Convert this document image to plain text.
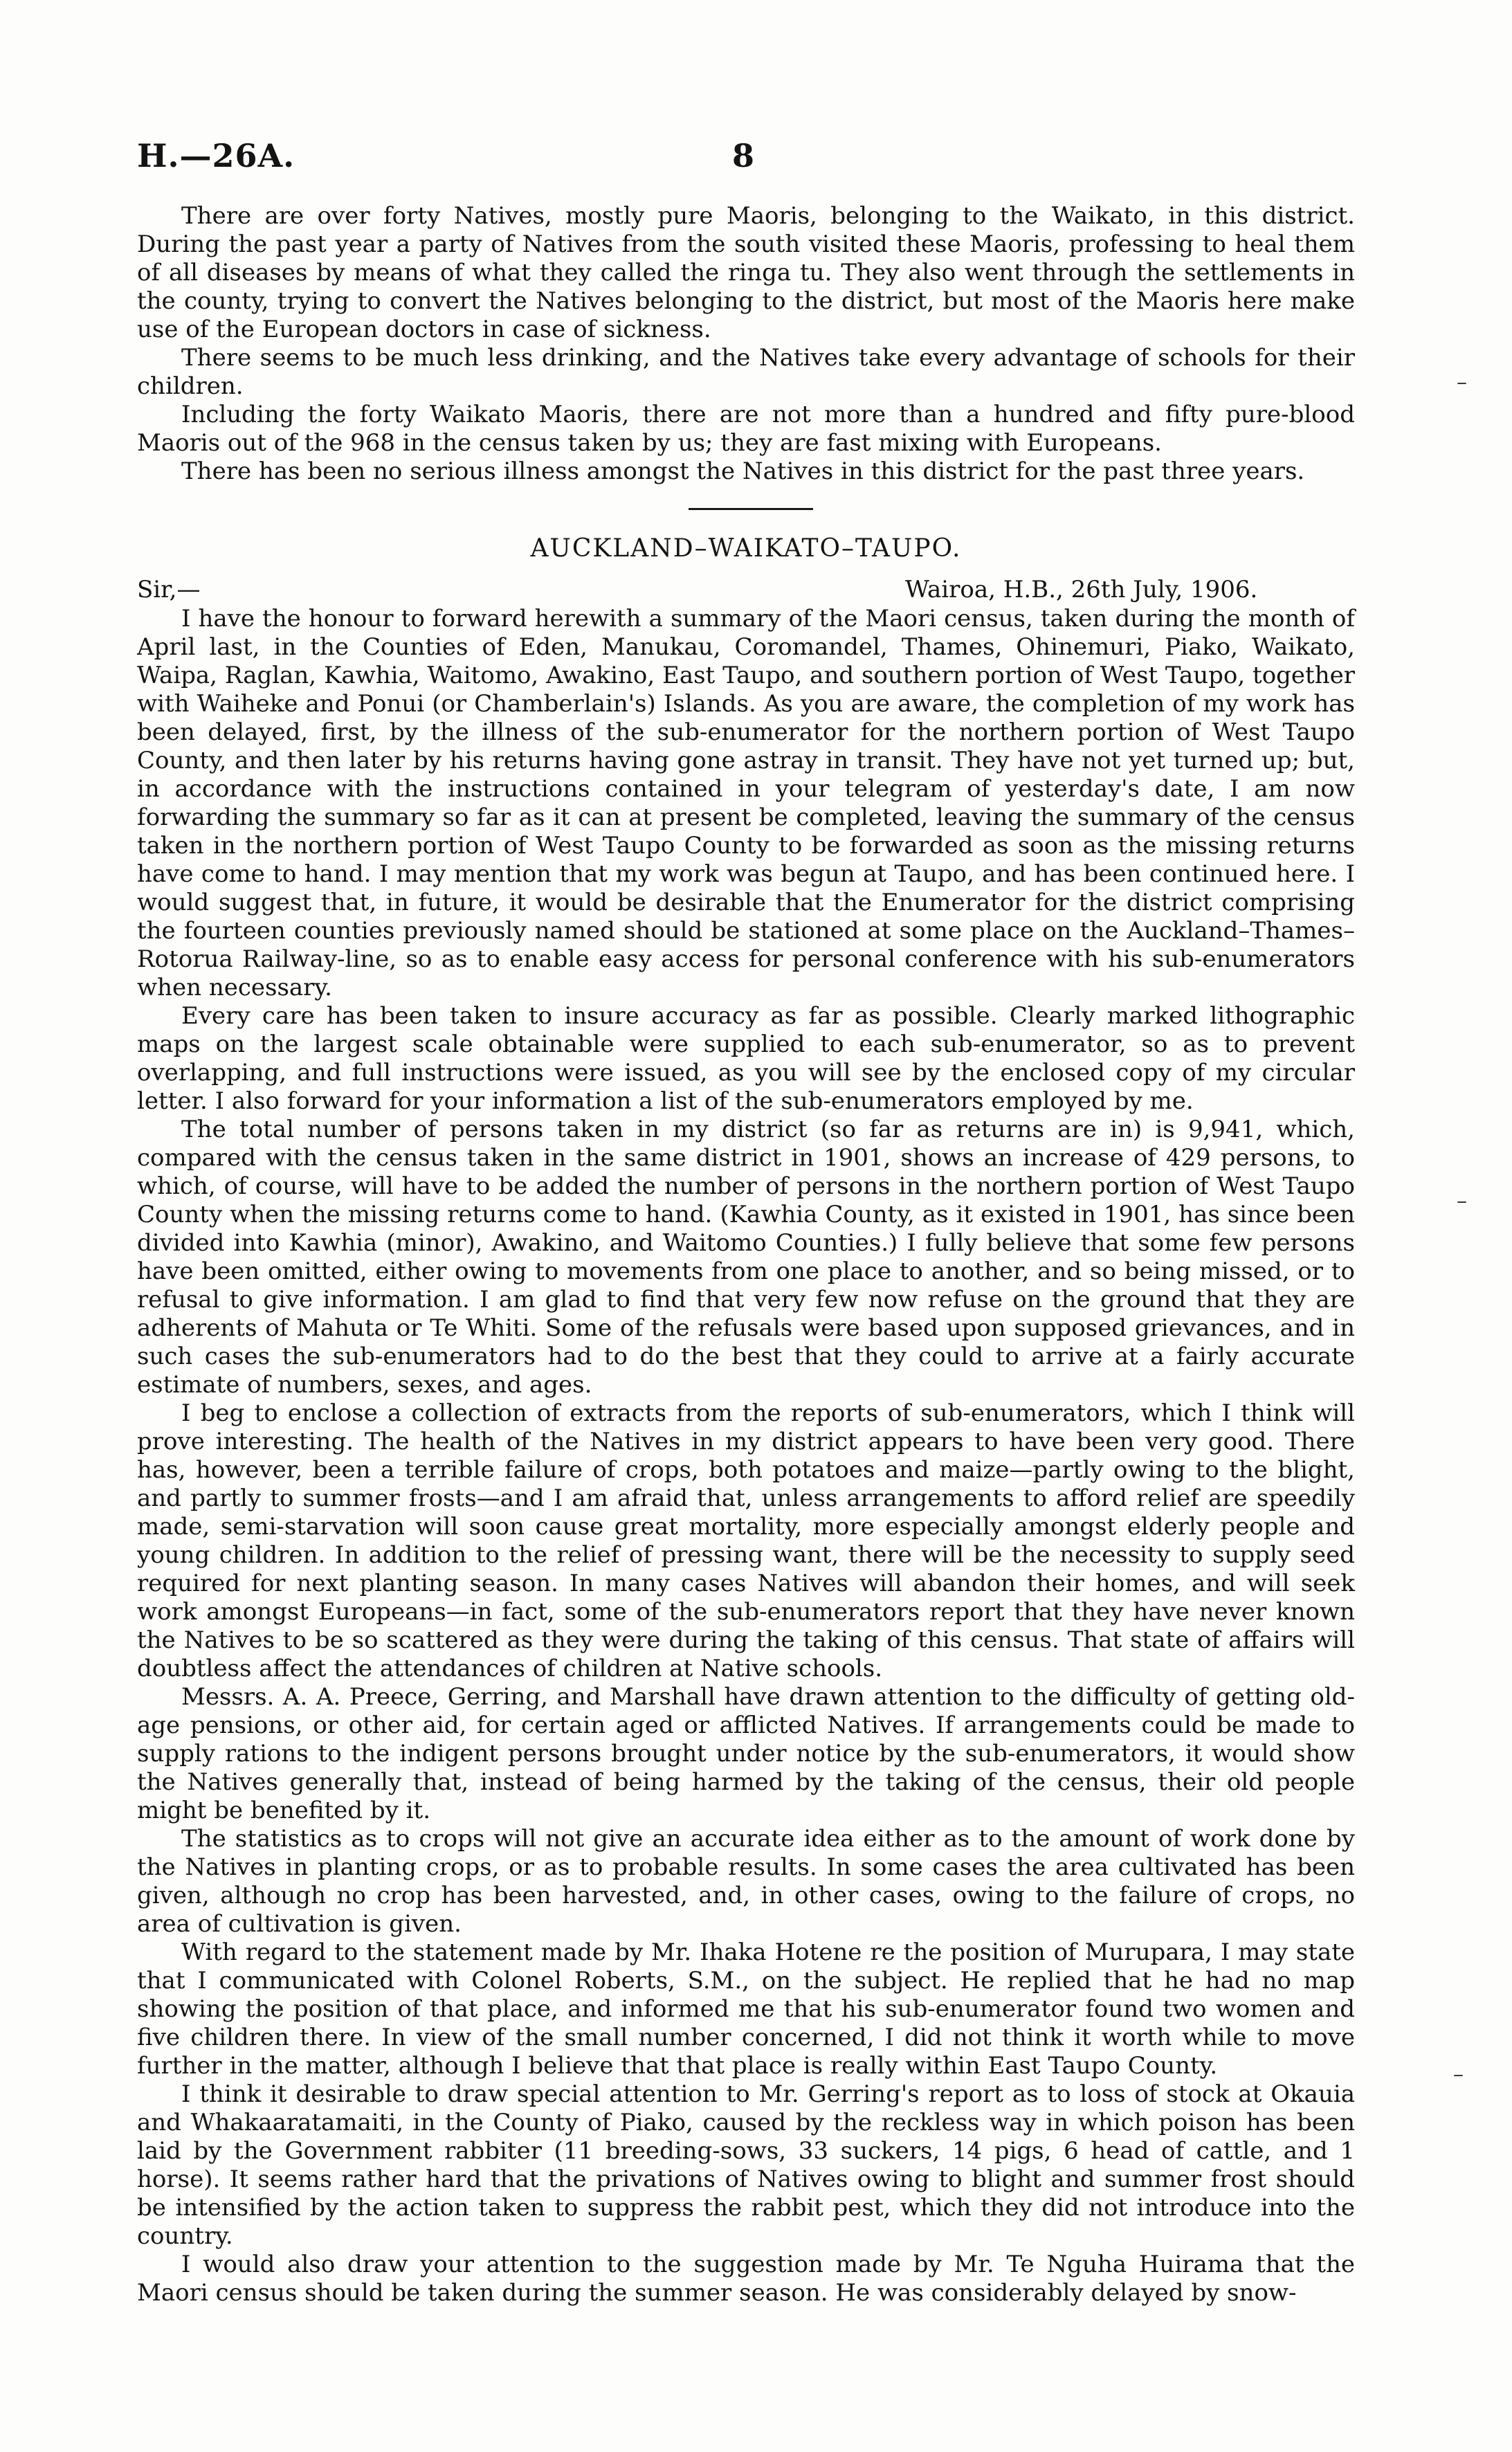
H.—26A.	8

There are over forty Natives, mostly pure Maoris, belonging to the Waikato, in this district. During the past year a party of Natives from the south visited these Maoris, professing to heal them of all diseases by means of what they called the ringa tu. They also went through the settlements in the county, trying to convert the Natives belonging to the district, but most of the Maoris here make use of the European doctors in case of sickness.

There seems to be much less drinking, and the Natives take every advantage of schools for their children.

Including the forty Waikato Maoris, there are not more than a hundred and fifty pure-blood Maoris out of the 968 in the census taken by us; they are fast mixing with Europeans.

There has been no serious illness amongst the Natives in this district for the past three years.

AUCKLAND–WAIKATO–TAUPO.
Sir,—	Wairoa, H.B., 26th July, 1906.

I have the honour to forward herewith a summary of the Maori census, taken during the month of April last, in the Counties of Eden, Manukau, Coromandel, Thames, Ohinemuri, Piako, Waikato, Waipa, Raglan, Kawhia, Waitomo, Awakino, East Taupo, and southern portion of West Taupo, together with Waiheke and Ponui (or Chamberlain's) Islands. As you are aware, the completion of my work has been delayed, first, by the illness of the sub-enumerator for the northern portion of West Taupo County, and then later by his returns having gone astray in transit. They have not yet turned up; but, in accordance with the instructions contained in your telegram of yesterday's date, I am now forwarding the summary so far as it can at present be completed, leaving the summary of the census taken in the northern portion of West Taupo County to be forwarded as soon as the missing returns have come to hand. I may mention that my work was begun at Taupo, and has been continued here. I would suggest that, in future, it would be desirable that the Enumerator for the district comprising the fourteen counties previously named should be stationed at some place on the Auckland–Thames–Rotorua Railway-line, so as to enable easy access for personal conference with his sub-enumerators when necessary.

Every care has been taken to insure accuracy as far as possible. Clearly marked lithographic maps on the largest scale obtainable were supplied to each sub-enumerator, so as to prevent overlapping, and full instructions were issued, as you will see by the enclosed copy of my circular letter. I also forward for your information a list of the sub-enumerators employed by me.

The total number of persons taken in my district (so far as returns are in) is 9,941, which, compared with the census taken in the same district in 1901, shows an increase of 429 persons, to which, of course, will have to be added the number of persons in the northern portion of West Taupo County when the missing returns come to hand. (Kawhia County, as it existed in 1901, has since been divided into Kawhia (minor), Awakino, and Waitomo Counties.) I fully believe that some few persons have been omitted, either owing to movements from one place to another, and so being missed, or to refusal to give information. I am glad to find that very few now refuse on the ground that they are adherents of Mahuta or Te Whiti. Some of the refusals were based upon supposed grievances, and in such cases the sub-enumerators had to do the best that they could to arrive at a fairly accurate estimate of numbers, sexes, and ages.

I beg to enclose a collection of extracts from the reports of sub-enumerators, which I think will prove interesting. The health of the Natives in my district appears to have been very good. There has, however, been a terrible failure of crops, both potatoes and maize—partly owing to the blight, and partly to summer frosts—and I am afraid that, unless arrangements to afford relief are speedily made, semi-starvation will soon cause great mortality, more especially amongst elderly people and young children. In addition to the relief of pressing want, there will be the necessity to supply seed required for next planting season. In many cases Natives will abandon their homes, and will seek work amongst Europeans—in fact, some of the sub-enumerators report that they have never known the Natives to be so scattered as they were during the taking of this census. That state of affairs will doubtless affect the attendances of children at Native schools.

Messrs. A. A. Preece, Gerring, and Marshall have drawn attention to the difficulty of getting old-age pensions, or other aid, for certain aged or afflicted Natives. If arrangements could be made to supply rations to the indigent persons brought under notice by the sub-enumerators, it would show the Natives generally that, instead of being harmed by the taking of the census, their old people might be benefited by it.

The statistics as to crops will not give an accurate idea either as to the amount of work done by the Natives in planting crops, or as to probable results. In some cases the area cultivated has been given, although no crop has been harvested, and, in other cases, owing to the failure of crops, no area of cultivation is given.

With regard to the statement made by Mr. Ihaka Hotene re the position of Murupara, I may state that I communicated with Colonel Roberts, S.M., on the subject. He replied that he had no map showing the position of that place, and informed me that his sub-enumerator found two women and five children there. In view of the small number concerned, I did not think it worth while to move further in the matter, although I believe that that place is really within East Taupo County.

I think it desirable to draw special attention to Mr. Gerring's report as to loss of stock at Okauia and Whakaaratamaiti, in the County of Piako, caused by the reckless way in which poison has been laid by the Government rabbiter (11 breeding-sows, 33 suckers, 14 pigs, 6 head of cattle, and 1 horse). It seems rather hard that the privations of Natives owing to blight and summer frost should be intensified by the action taken to suppress the rabbit pest, which they did not introduce into the country.

I would also draw your attention to the suggestion made by Mr. Te Nguha Huirama that the Maori census should be taken during the summer season. He was considerably delayed by snow-

–
–
–
